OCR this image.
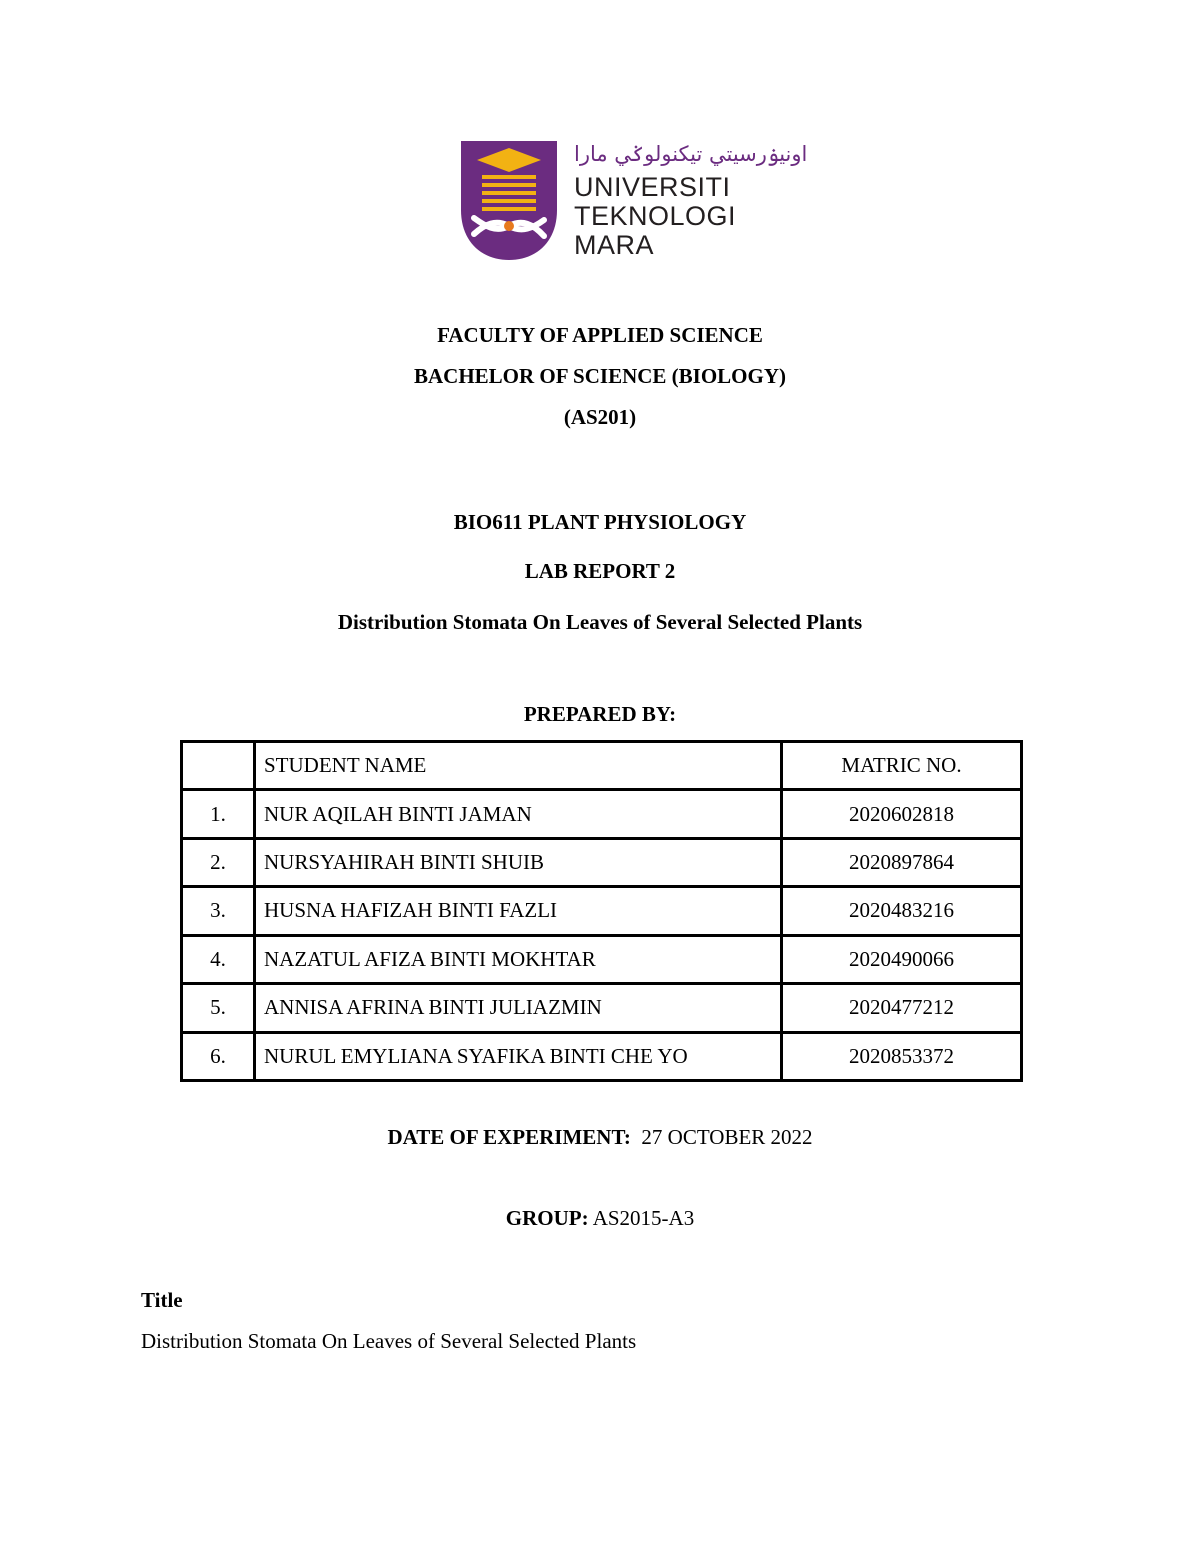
اونيۏرسيتي تيكنولوݢي مارا
UNIVERSITI
TEKNOLOGI
MARA
FACULTY OF APPLIED SCIENCE
BACHELOR OF SCIENCE (BIOLOGY)
(AS201)
BIO611 PLANT PHYSIOLOGY
LAB REPORT 2
Distribution Stomata On Leaves of Several Selected Plants
PREPARED BY:
	STUDENT NAME	MATRIC NO.
1.	NUR AQILAH BINTI JAMAN	2020602818
2.	NURSYAHIRAH BINTI SHUIB	2020897864
3.	HUSNA HAFIZAH BINTI FAZLI	2020483216
4.	NAZATUL AFIZA BINTI MOKHTAR	2020490066
5.	ANNISA AFRINA BINTI JULIAZMIN	2020477212
6.	NURUL EMYLIANA SYAFIKA BINTI CHE YO	2020853372
DATE OF EXPERIMENT: 27 OCTOBER 2022
GROUP: AS2015-A3
Title
Distribution Stomata On Leaves of Several Selected Plants
